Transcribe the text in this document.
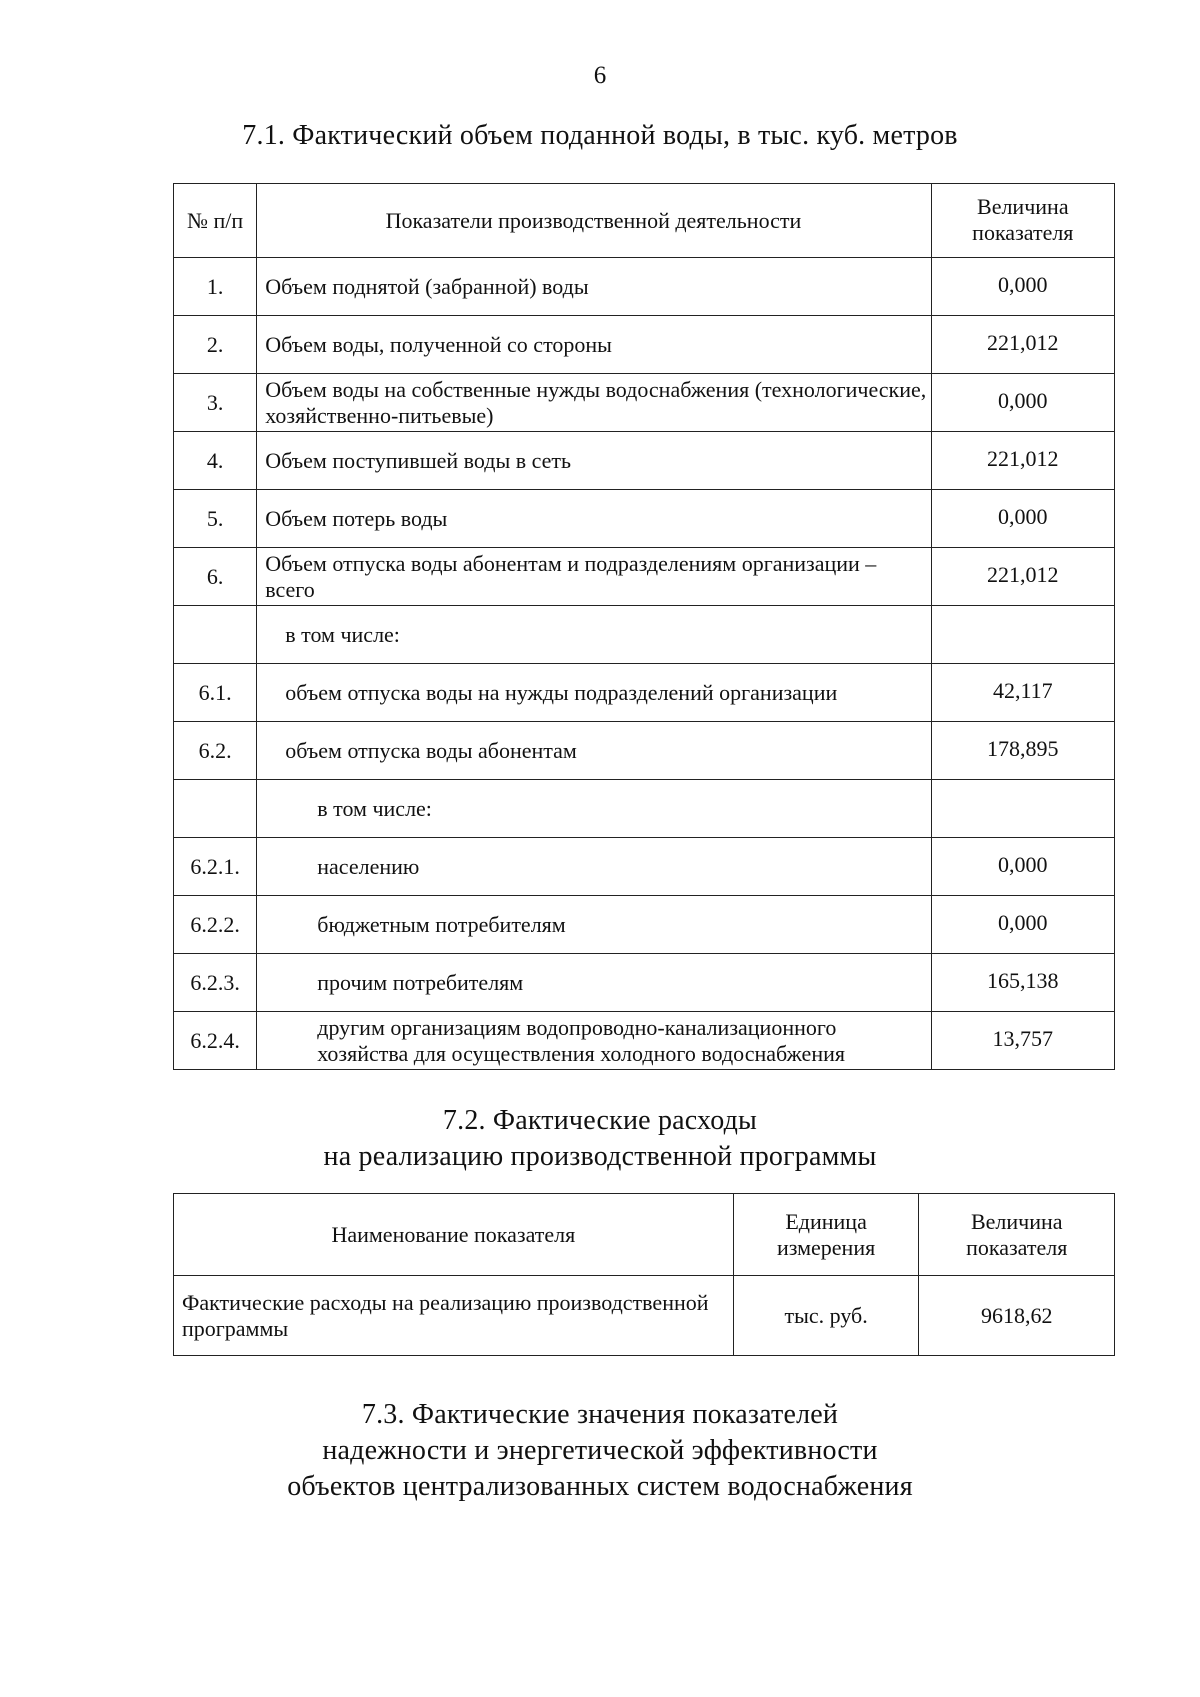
6
7.1. Фактический объем поданной воды, в тыс. куб. метров
№ п/п	Показатели производственной деятельности	Величина показателя
1.	Объем поднятой (забранной) воды	0,000
2.	Объем воды, полученной со стороны	221,012
3.	Объем воды на собственные нужды водоснабжения (технологические, хозяйственно-питьевые)	0,000
4.	Объем поступившей воды в сеть	221,012
5.	Объем потерь воды	0,000
6.	Объем отпуска воды абонентам и подразделениям организации – всего	221,012
	в том числе:	
6.1.	объем отпуска воды на нужды подразделений организации	42,117
6.2.	объем отпуска воды абонентам	178,895
	в том числе:	
6.2.1.	населению	0,000
6.2.2.	бюджетным потребителям	0,000
6.2.3.	прочим потребителям	165,138
6.2.4.	другим организациям водопроводно-канализационного хозяйства для осуществления холодного водоснабжения	13,757
7.2. Фактические расходы
на реализацию производственной программы
Наименование показателя	Единица измерения	Величина показателя
Фактические расходы на реализацию производственной программы	тыс. руб.	9618,62
7.3. Фактические значения показателей
надежности и энергетической эффективности
объектов централизованных систем водоснабжения
